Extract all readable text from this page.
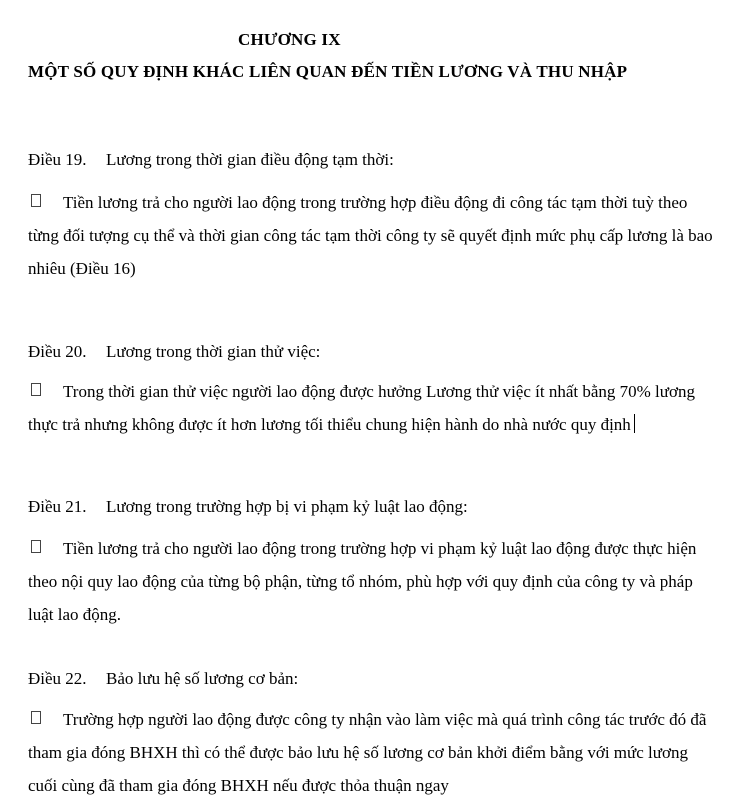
CHƯƠNG IX
MỘT SỐ QUY ĐỊNH KHÁC LIÊN QUAN ĐẾN TIỀN LƯƠNG VÀ THU NHẬP
Điều 19. Lương trong thời gian điều động tạm thời:

Tiền lương trả cho người lao động trong trường hợp điều động đi công tác tạm thời tuỳ theo từng đối tượng cụ thể và thời gian công tác tạm thời công ty sẽ quyết định mức phụ cấp lương là bao nhiêu (Điều 16)

Điều 20. Lương trong thời gian thử việc:

Trong thời gian thử việc người lao động được hưởng Lương thử việc ít nhất bằng 70% lương thực trả nhưng không được ít hơn lương tối thiểu chung hiện hành do nhà nước quy định

Điều 21. Lương trong trường hợp bị vi phạm kỷ luật lao động:

Tiền lương trả cho người lao động trong trường hợp vi phạm kỷ luật lao động được thực hiện theo nội quy lao động của từng bộ phận, từng tổ nhóm, phù hợp với quy định của công ty và pháp luật lao động.

Điều 22. Bảo lưu hệ số lương cơ bản:

Trường hợp người lao động được công ty nhận vào làm việc mà quá trình công tác trước đó đã tham gia đóng BHXH thì có thể được bảo lưu hệ số lương cơ bản khởi điểm bằng với mức lương cuối cùng đã tham gia đóng BHXH nếu được thỏa thuận ngay
